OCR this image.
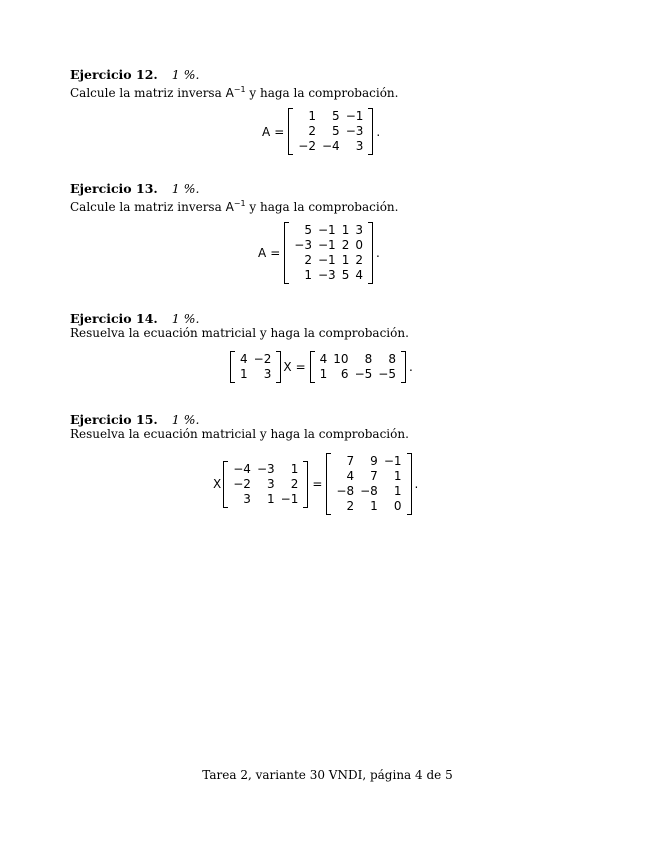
Ejercicio 12. 1 %.
Calcule la matriz inversa $A^{-1}$ y haga la comprobación.
A =
1	5	−1
2	5	−3
−2	−4	3
.
Ejercicio 13. 1 %.
Calcule la matriz inversa $A^{-1}$ y haga la comprobación.
A =
5	−1	1	3
−3	−1	2	0
2	−1	1	2
1	−3	5	4
.
Ejercicio 14. 1 %.
Resuelva la ecuación matricial y haga la comprobación.
4	−2
1	3 X =
4	10	8	8
1	6	−5	−5 .
Ejercicio 15. 1 %.
Resuelva la ecuación matricial y haga la comprobación.
X
−4	−3	1
−2	3	2
3	1	−1
=
7	9	−1
4	7	1
−8	−8	1
2	1	0
.
Tarea 2, variante 30 VNDI, página 4 de 5
